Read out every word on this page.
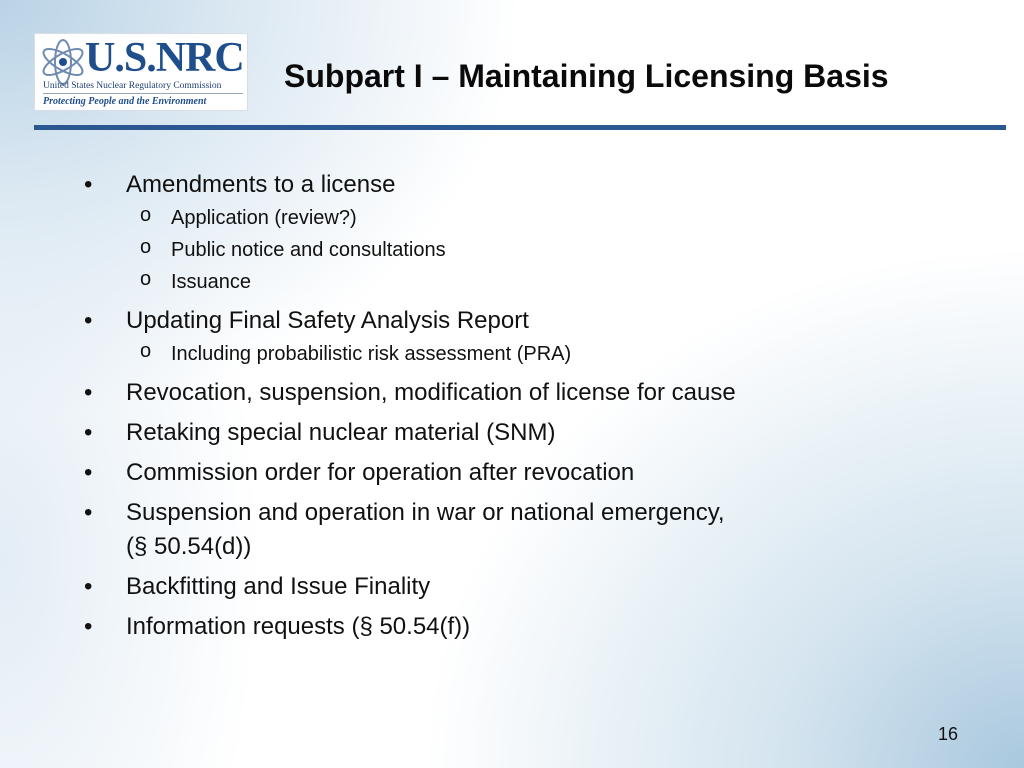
U.S.NRC
United States Nuclear Regulatory Commission
Protecting People and the Environment
Subpart I – Maintaining Licensing Basis
•	Amendments to a license
o Application (review?)
o Public notice and consultations
o Issuance
•	Updating Final Safety Analysis Report
o Including probabilistic risk assessment (PRA)
•	Revocation, suspension, modification of license for cause
•	Retaking special nuclear material (SNM)
•	Commission order for operation after revocation
•	Suspension and operation in war or national emergency,
(§ 50.54(d))
•	Backfitting and Issue Finality
•	Information requests (§ 50.54(f))
16
